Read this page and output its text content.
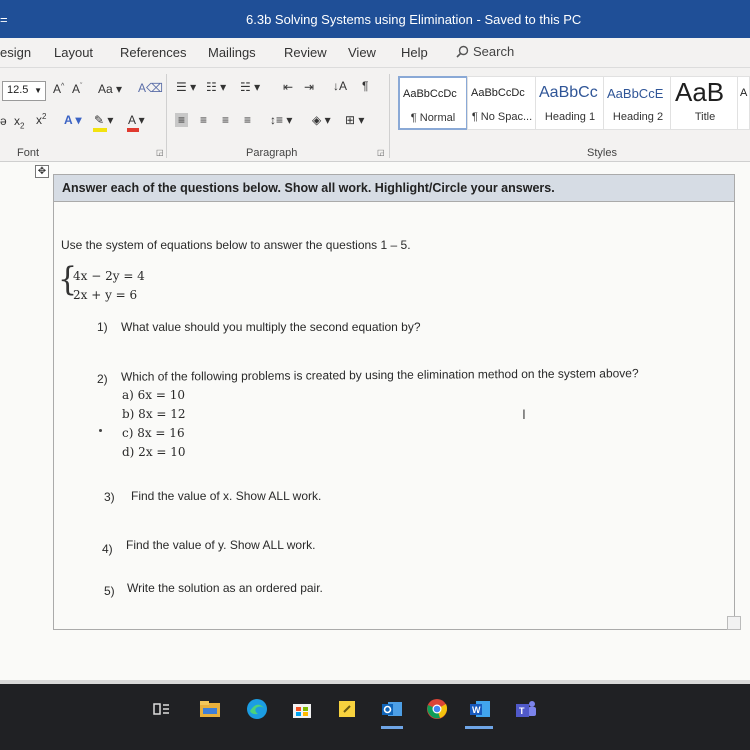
=	6.3b Solving Systems using Elimination - Saved to this PC
esign Layout References Mailings Review View Help	Search
12.5 ▼ A^ $A^ˇ$ Aa ▾ A⌫
ə $x_2$ $x^2$ A ▾ ✎ ▾ A ▾
Font	◲
☰ ▾ ☷ ▾ ☵ ▾ ⇤ ⇥ ↓A ¶
≡ ≡ ≡ ≡ ↕≡ ▾ ◈ ▾ ⊞ ▾
Paragraph	◲
AaBbCcDc
¶ Normal
AaBbCcDc
¶ No Spac...
AaBbCc
Heading 1
AaBbCcE
Heading 2
AaB
Title
A
Styles
✥
Answer each of the questions below. Show all work. Highlight/Circle your answers.
Use the system of equations below to answer the questions 1 – 5.
{
4x − 2y = 4
2x + y = 6
1) What value should you multiply the second equation by?
2) Which of the following problems is created by using the elimination method on the system above?
a) 6x = 10
b) 8x = 12
c) 8x = 16
d) 2x = 10
I
3) Find the value of x. Show ALL work.
4) Find the value of y. Show ALL work.
5) Write the solution as an ordered pair.
W	T
